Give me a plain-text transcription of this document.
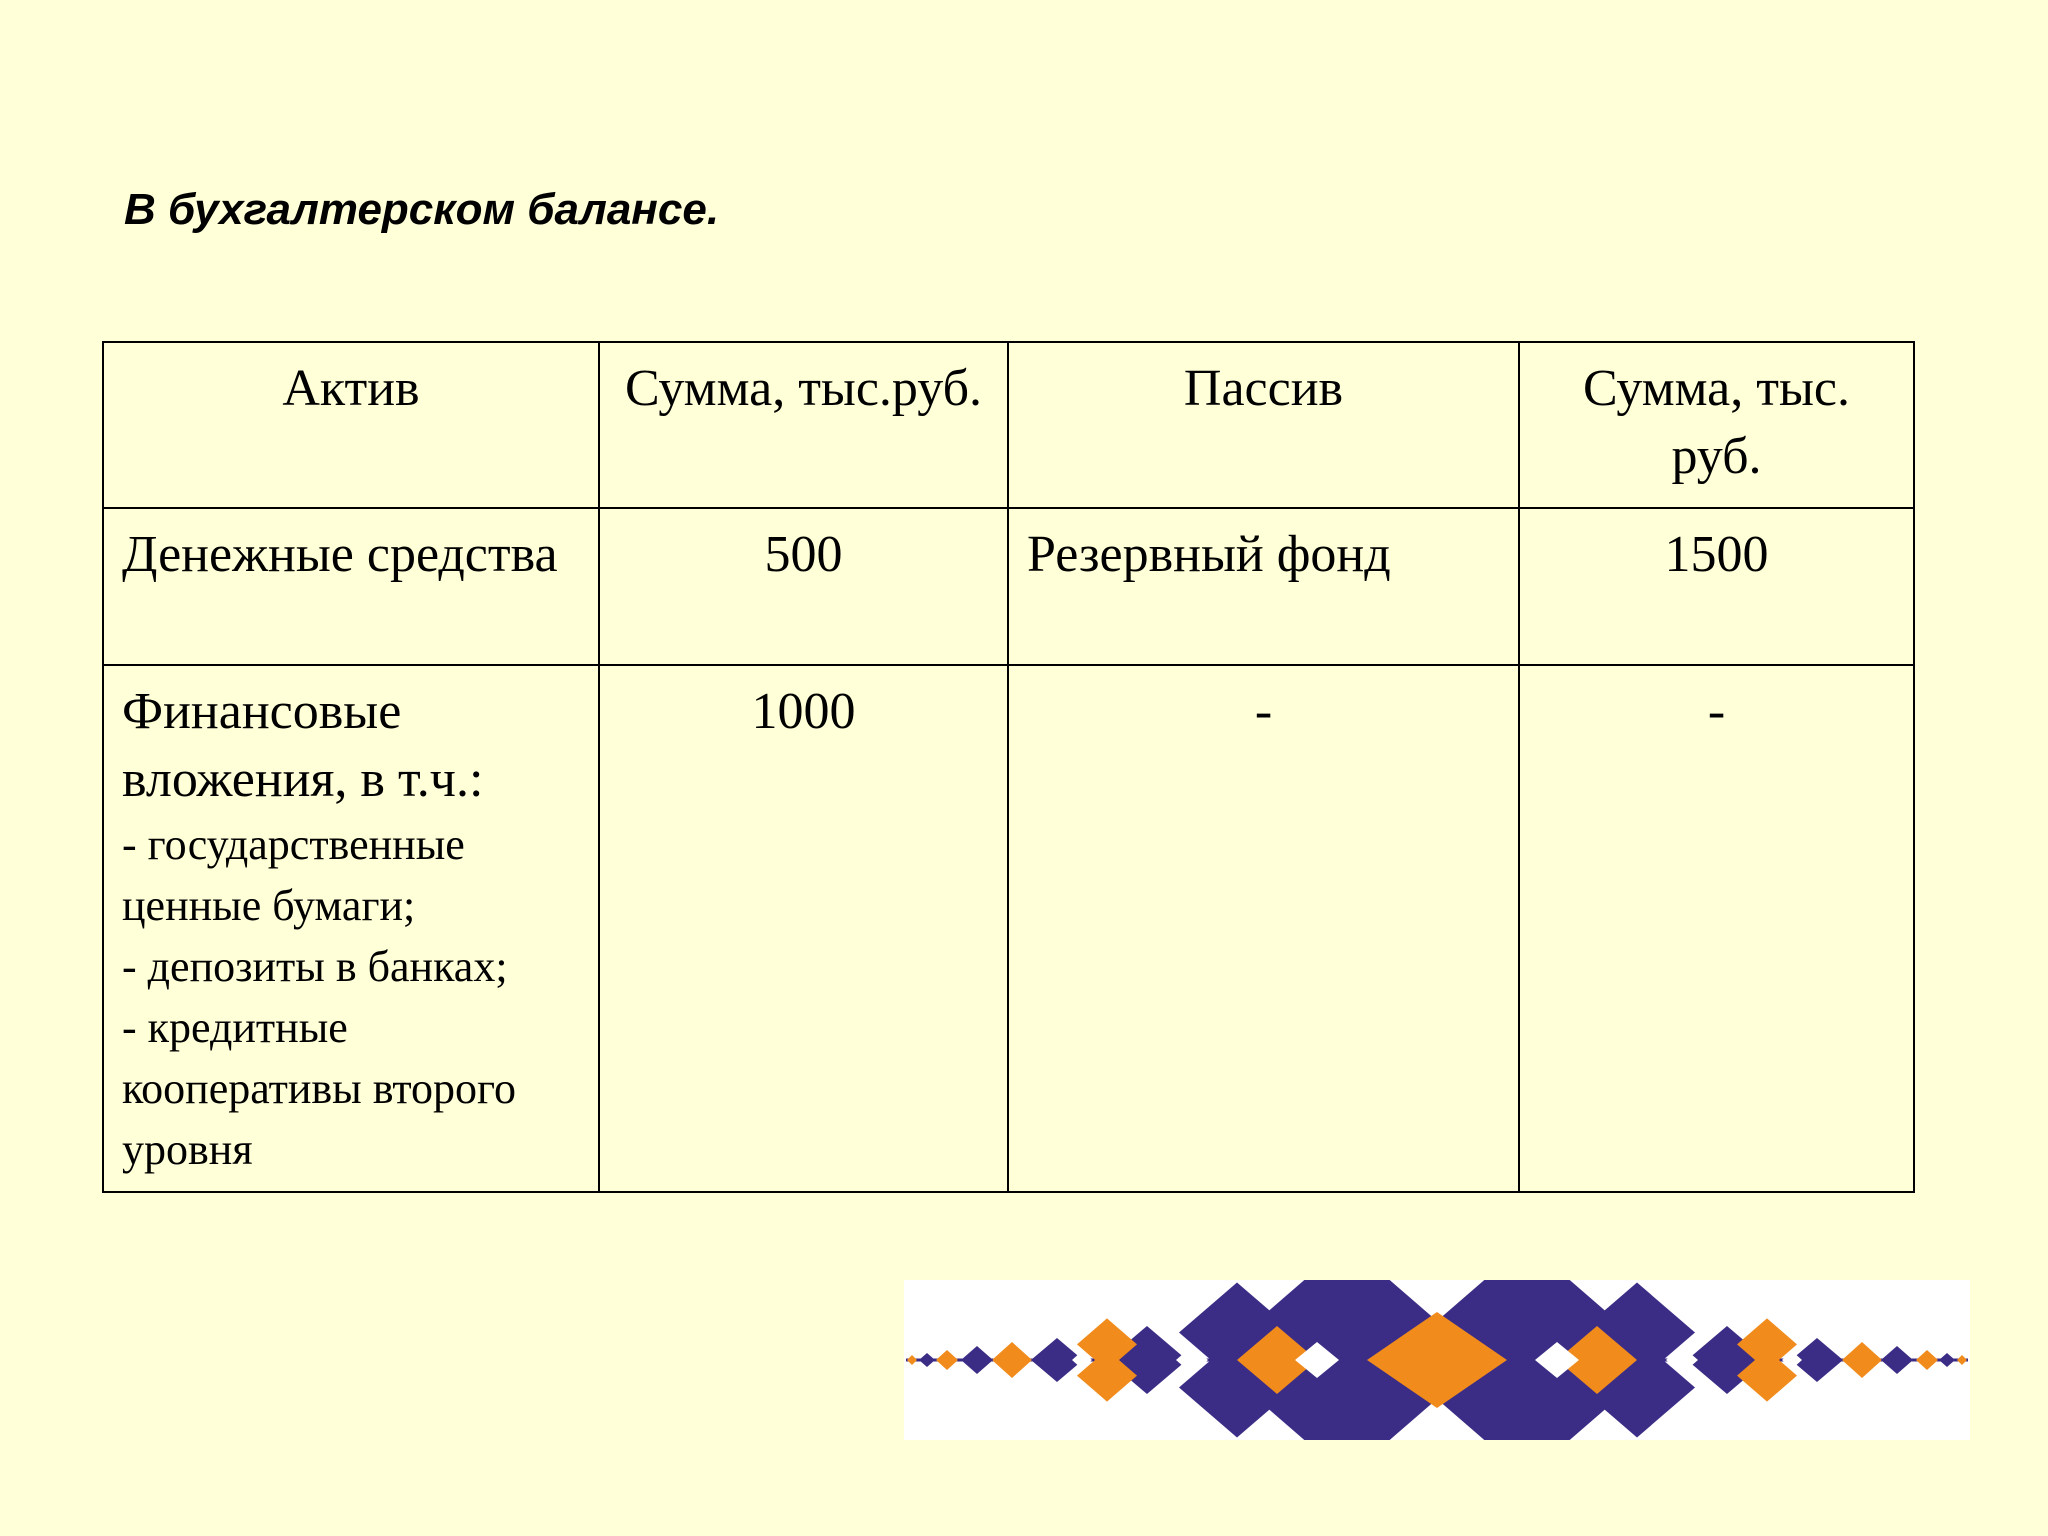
В бухгалтерском балансе.
Актив	Сумма, тыс.руб.	Пассив	Сумма, тыс. руб.
Денежные средства	500	Резервный фонд	1500

Финансовые вложения, в т.ч.:
- государственные ценные бумаги;
- депозиты в банках;
- кредитные кооперативы второго уровня	1000	-	-
